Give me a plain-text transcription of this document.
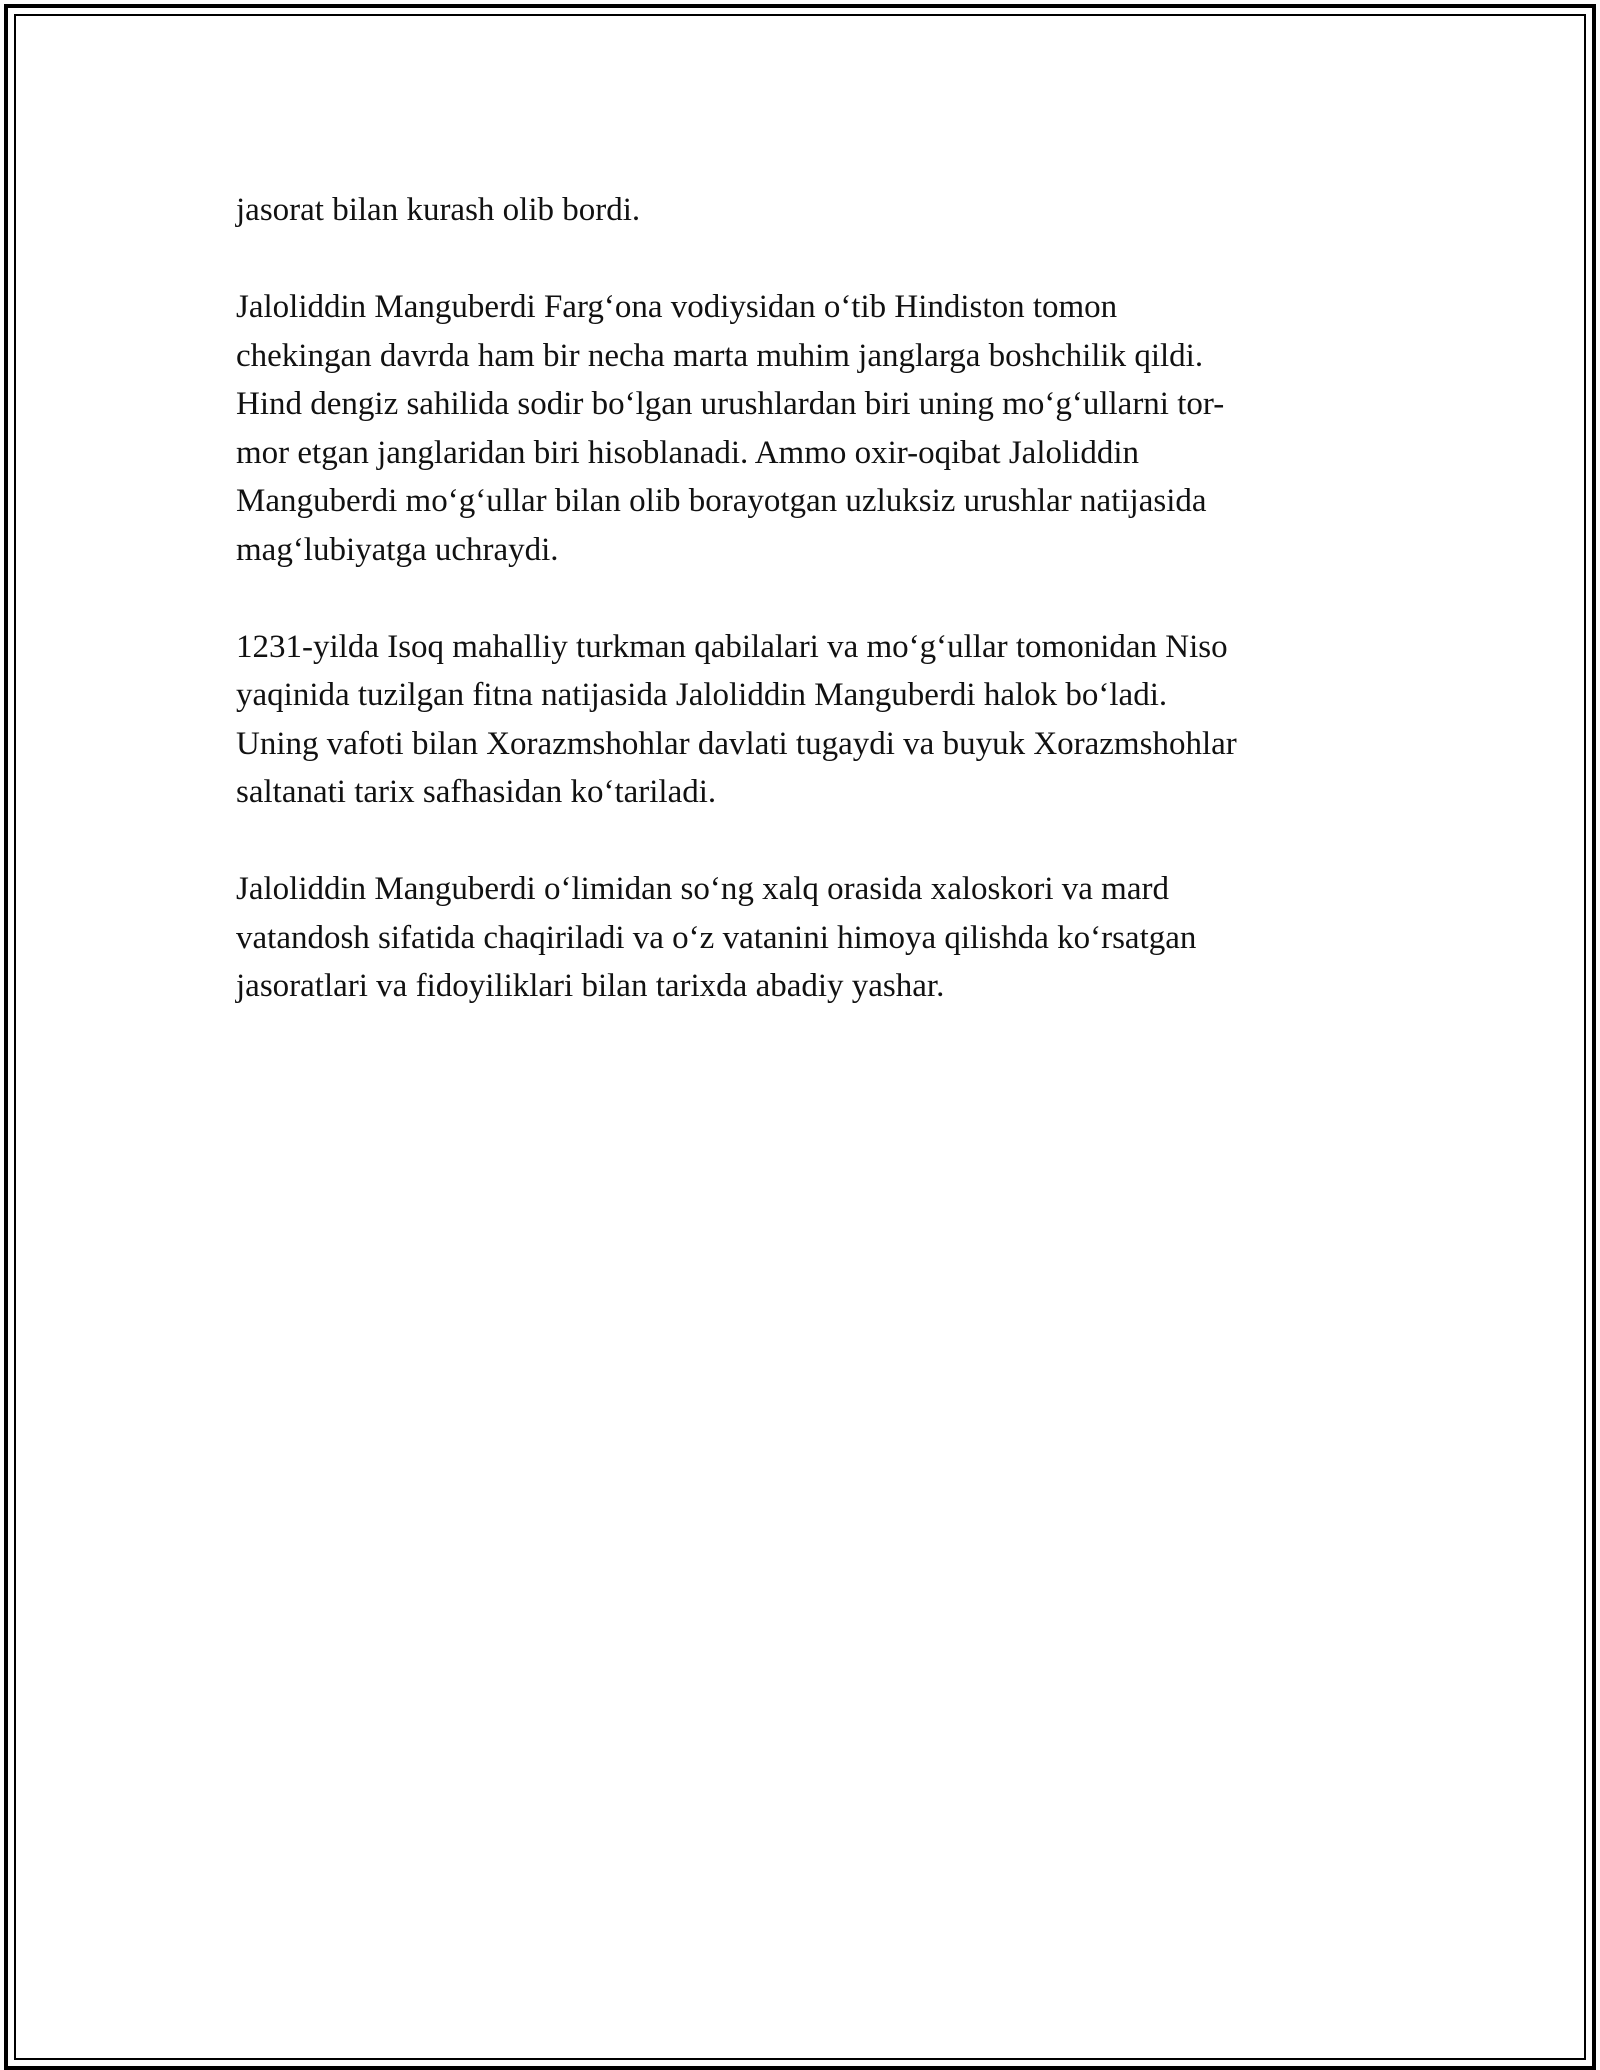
jasorat bilan kurash olib bordi.

Jaloliddin Manguberdi Farg‘ona vodiysidan o‘tib Hindiston tomon
chekingan davrda ham bir necha marta muhim janglarga boshchilik qildi.
Hind dengiz sahilida sodir bo‘lgan urushlardan biri uning mo‘g‘ullarni tor-
mor etgan janglaridan biri hisoblanadi. Ammo oxir-oqibat Jaloliddin
Manguberdi mo‘g‘ullar bilan olib borayotgan uzluksiz urushlar natijasida
mag‘lubiyatga uchraydi.

1231-yilda Isoq mahalliy turkman qabilalari va mo‘g‘ullar tomonidan Niso
yaqinida tuzilgan fitna natijasida Jaloliddin Manguberdi halok bo‘ladi.
Uning vafoti bilan Xorazmshohlar davlati tugaydi va buyuk Xorazmshohlar
saltanati tarix safhasidan ko‘tariladi.

Jaloliddin Manguberdi o‘limidan so‘ng xalq orasida xaloskori va mard
vatandosh sifatida chaqiriladi va o‘z vatanini himoya qilishda ko‘rsatgan
jasoratlari va fidoyiliklari bilan tarixda abadiy yashar.
